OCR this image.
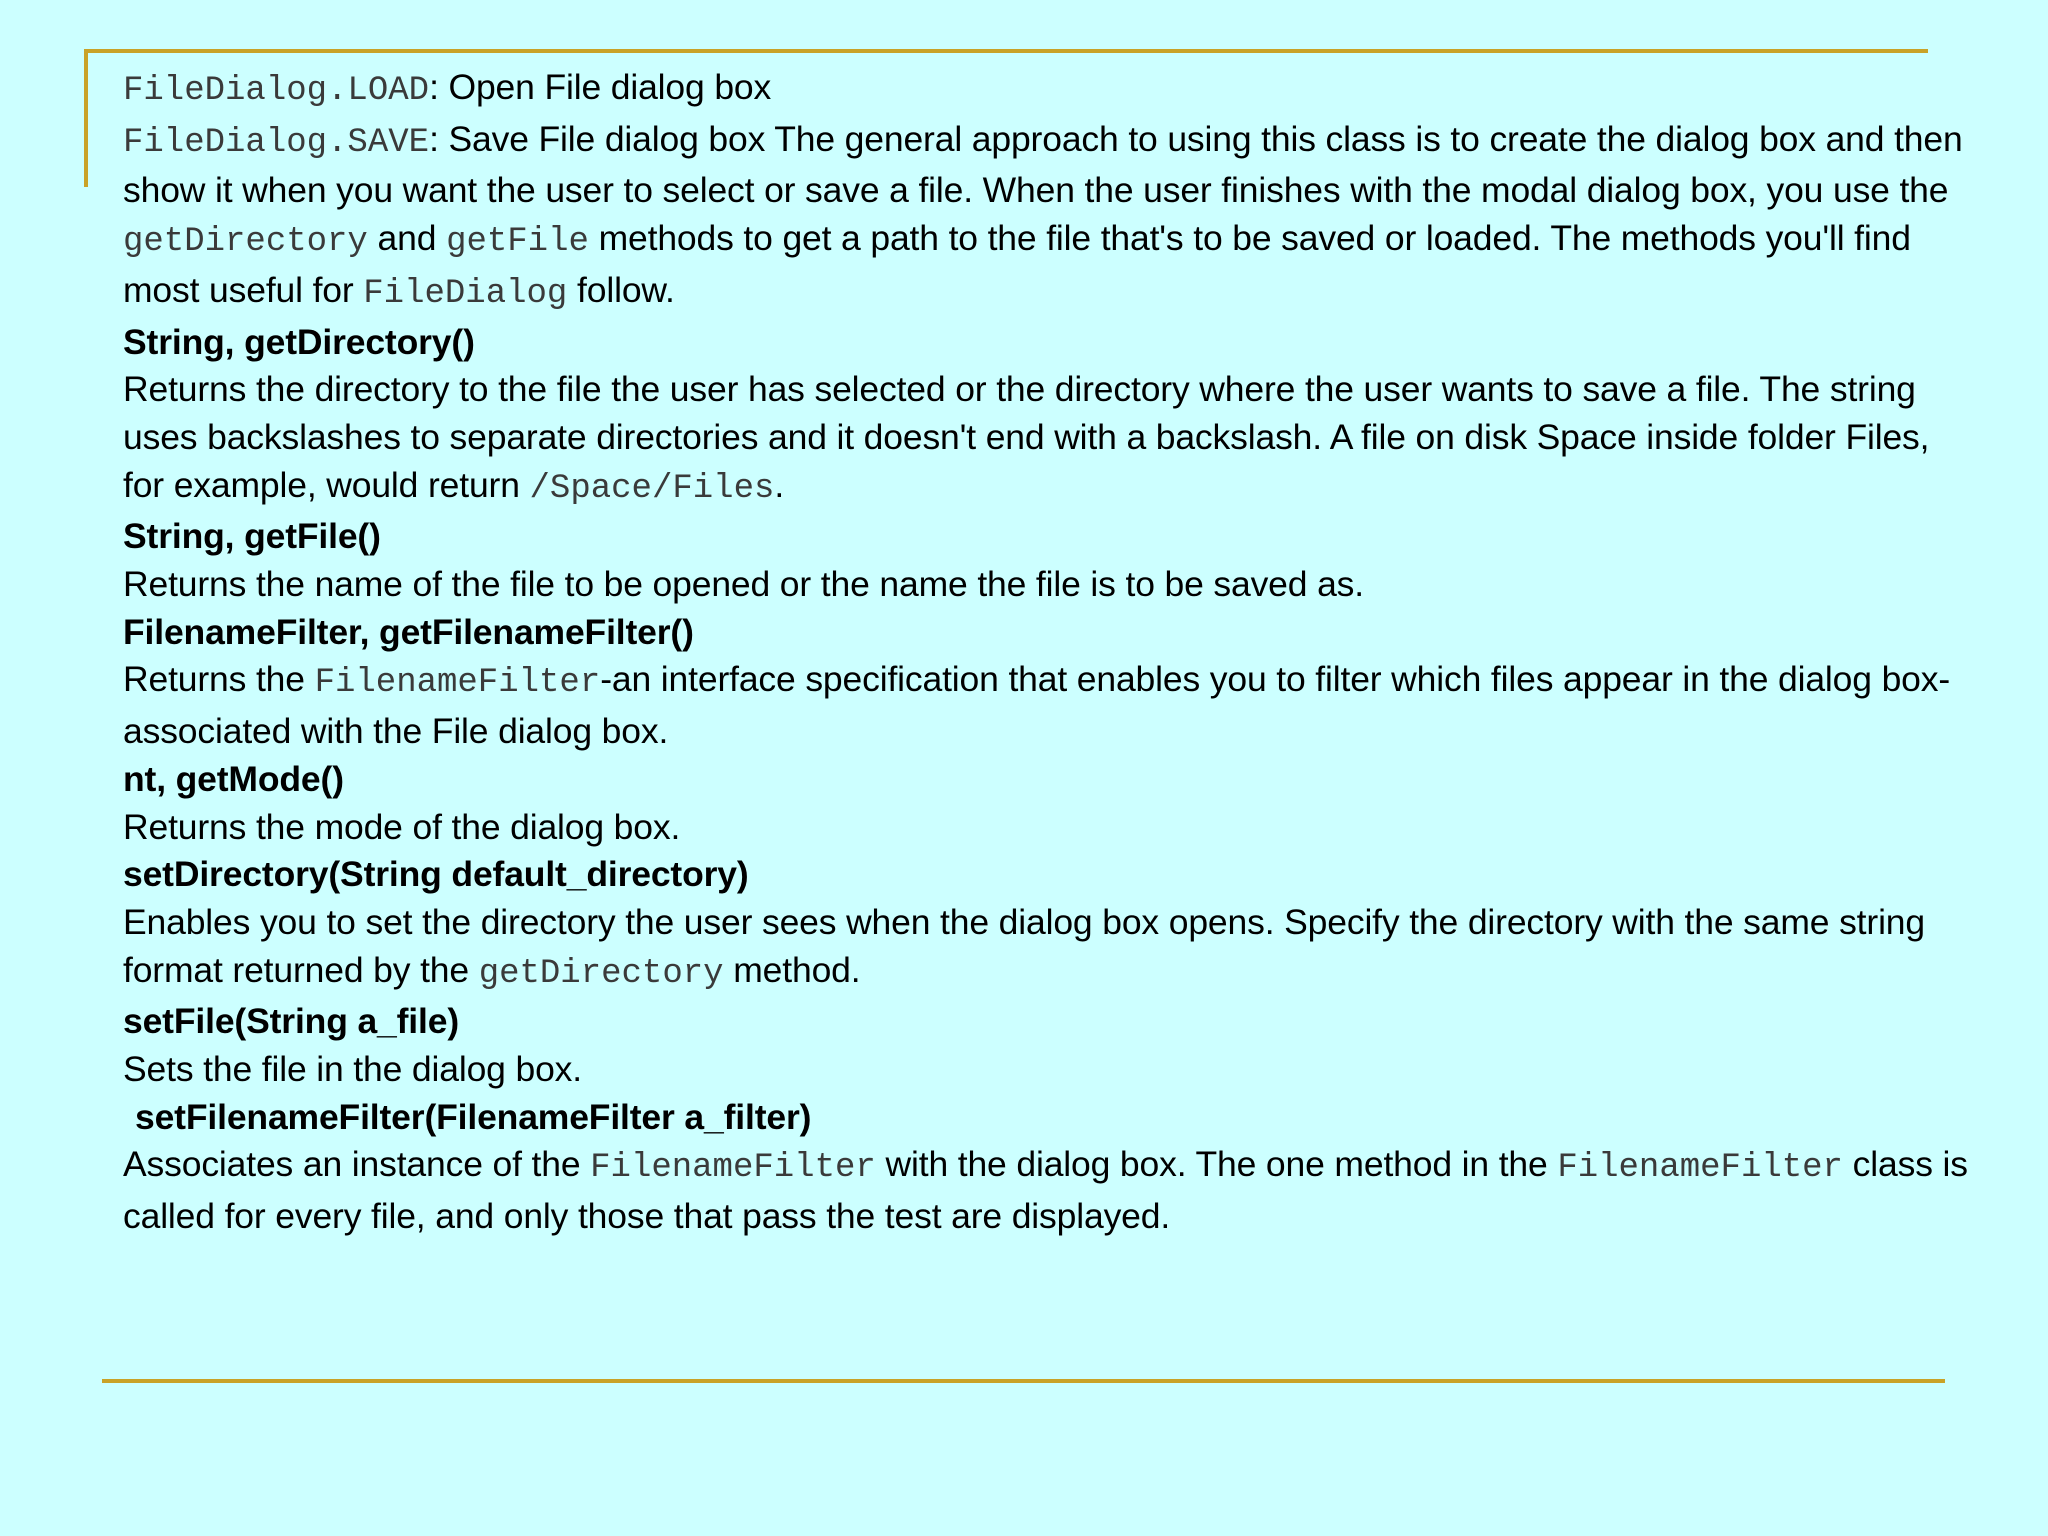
FileDialog.LOAD: Open File dialog box

FileDialog.SAVE: Save File dialog box The general approach to using this class is to create the dialog box and then show it when you want the user to select or save a file. When the user finishes with the modal dialog box, you use the getDirectory and getFile methods to get a path to the file that's to be saved or loaded. The methods you'll find most useful for FileDialog follow.

String, getDirectory()

Returns the directory to the file the user has selected or the directory where the user wants to save a file. The string uses backslashes to separate directories and it doesn't end with a backslash. A file on disk Space inside folder Files, for example, would return /Space/Files.

String, getFile()

Returns the name of the file to be opened or the name the file is to be saved as.

FilenameFilter, getFilenameFilter()

Returns the FilenameFilter-an interface specification that enables you to filter which files appear in the dialog box-associated with the File dialog box.

nt, getMode()

Returns the mode of the dialog box.

setDirectory(String default_directory)

Enables you to set the directory the user sees when the dialog box opens. Specify the directory with the same string format returned by the getDirectory method.

setFile(String a_file)

Sets the file in the dialog box.

setFilenameFilter(FilenameFilter a_filter)

Associates an instance of the FilenameFilter with the dialog box. The one method in the FilenameFilter class is called for every file, and only those that pass the test are displayed.
